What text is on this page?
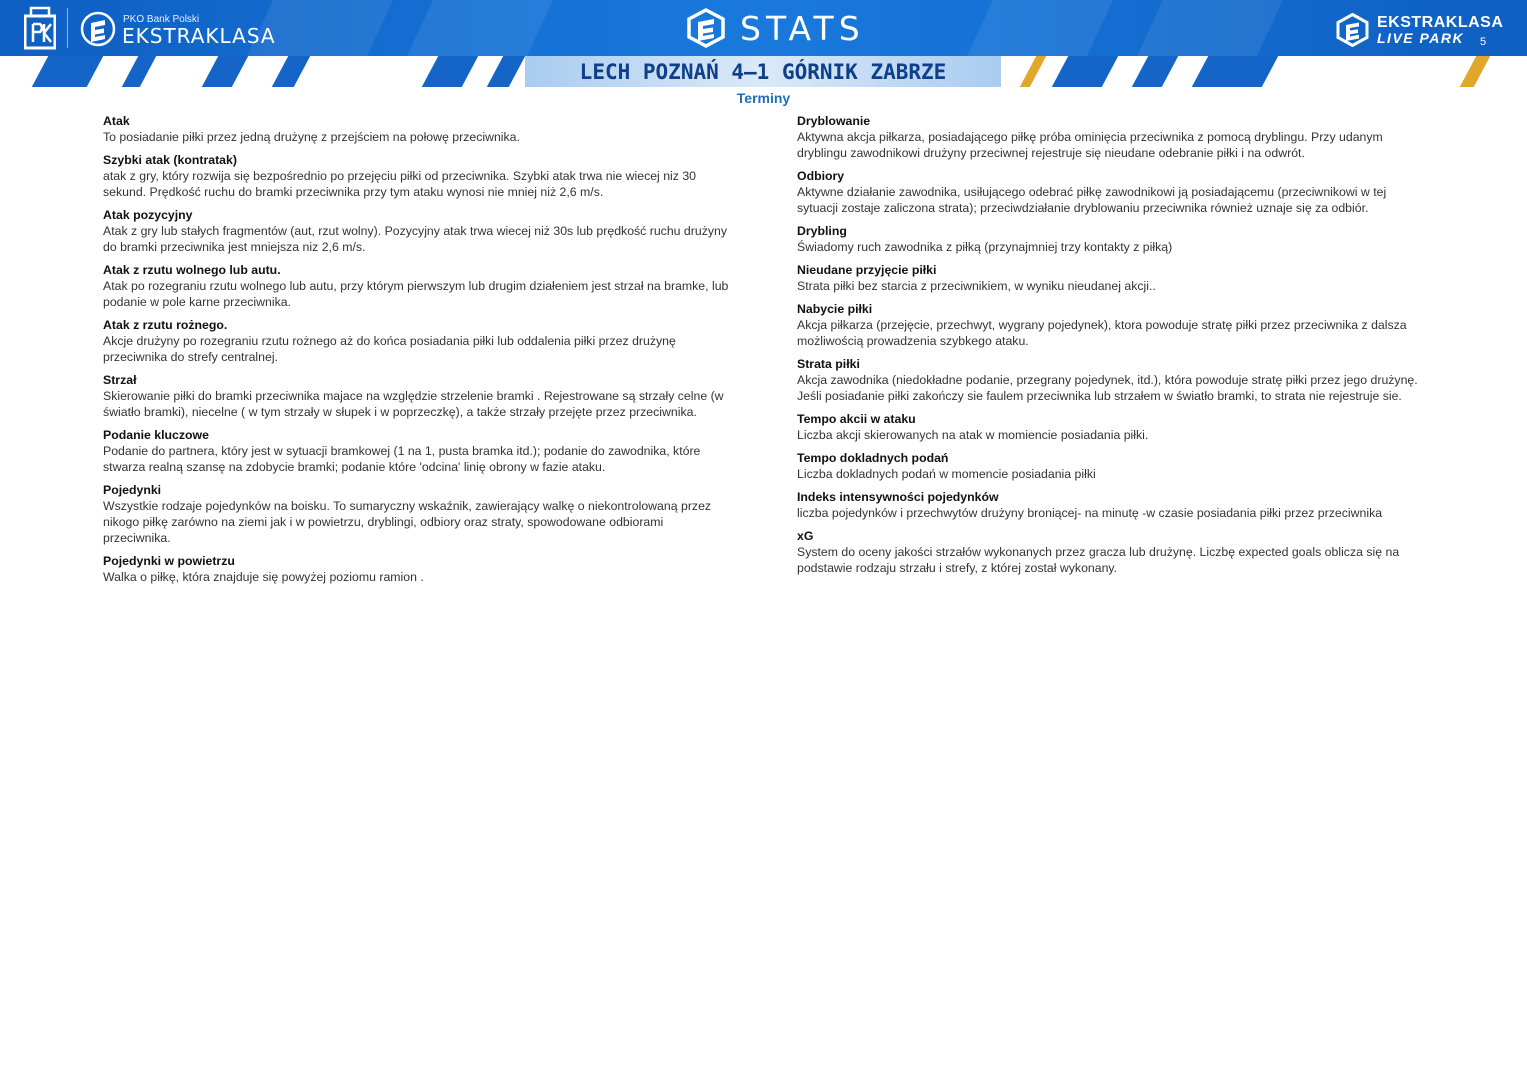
PKO Bank Polski
EKSTRAKLASA	STATS	EKSTRAKLASA
LIVE PARK 5
LECH POZNAŃ 4–1 GÓRNIK ZABRZE
Terminy
Atak
To posiadanie piłki przez jedną drużynę z przejściem na połowę przeciwnika.
Szybki atak (kontratak)
atak z gry, który rozwija się bezpośrednio po przejęciu piłki od przeciwnika. Szybki atak trwa nie wiecej niz 30 sekund. Prędkość ruchu do bramki przeciwnika przy tym ataku wynosi nie mniej niż 2,6 m/s.
Atak pozycyjny
Atak z gry lub stałych fragmentów (aut, rzut wolny). Pozycyjny atak trwa wiecej niż 30s lub prędkość ruchu drużyny do bramki przeciwnika jest mniejsza niz 2,6 m/s.
Atak z rzutu wolnego lub autu.
Atak po rozegraniu rzutu wolnego lub autu, przy którym pierwszym lub drugim działeniem jest strzał na bramke, lub podanie w pole karne przeciwnika.
Atak z rzutu rożnego.
Akcje drużyny po rozegraniu rzutu rożnego aż do końca posiadania piłki lub oddalenia piłki przez drużynę przeciwnika do strefy centralnej.
Strzał
Skierowanie piłki do bramki przeciwnika majace na względzie strzelenie bramki . Rejestrowane są strzały celne (w światło bramki), niecelne ( w tym strzały w słupek i w poprzeczkę), a także strzały przejęte przez przeciwnika.
Podanie kluczowe
Podanie do partnera, który jest w sytuacji bramkowej (1 na 1, pusta bramka itd.); podanie do zawodnika, które stwarza realną szansę na zdobycie bramki; podanie które 'odcina' linię obrony w fazie ataku.
Pojedynki
Wszystkie rodzaje pojedynków na boisku. To sumaryczny wskaźnik, zawierający walkę o niekontrolowaną przez nikogo piłkę zarówno na ziemi jak i w powietrzu, dryblingi, odbiory oraz straty, spowodowane odbiorami przeciwnika.
Pojedynki w powietrzu
Walka o piłkę, która znajduje się powyżej poziomu ramion .
Dryblowanie
Aktywna akcja piłkarza, posiadającego piłkę próba ominięcia przeciwnika z pomocą dryblingu. Przy udanym dryblingu zawodnikowi drużyny przeciwnej rejestruje się nieudane odebranie piłki i na odwrót.
Odbiory
Aktywne działanie zawodnika, usiłującego odebrać piłkę zawodnikowi ją posiadającemu (przeciwnikowi w tej sytuacji zostaje zaliczona strata); przeciwdziałanie dryblowaniu przeciwnika również uznaje się za odbiór.
Drybling
Świadomy ruch zawodnika z piłką (przynajmniej trzy kontakty z piłką)
Nieudane przyjęcie piłki
Strata piłki bez starcia z przeciwnikiem, w wyniku nieudanej akcji..
Nabycie piłki
Akcja piłkarza (przejęcie, przechwyt, wygrany pojedynek), ktora powoduje stratę piłki przez przeciwnika z dalsza możliwością prowadzenia szybkego ataku.
Strata piłki
Akcja zawodnika (niedokładne podanie, przegrany pojedynek, itd.), która powoduje stratę piłki przez jego drużynę. Jeśli posiadanie piłki zakończy sie faulem przeciwnika lub strzałem w światło bramki, to strata nie rejestruje sie.
Tempo akcii w ataku
Liczba akcji skierowanych na atak w momiencie posiadania piłki.
Tempo dokladnych podań
Liczba dokladnych podań w momencie posiadania piłki
Indeks intensywności pojedynków
liczba pojedynków i przechwytów drużyny broniącej- na minutę -w czasie posiadania piłki przez przeciwnika
xG
System do oceny jakości strzałów wykonanych przez gracza lub drużynę. Liczbę expected goals oblicza się na podstawie rodzaju strzału i strefy, z której został wykonany.
